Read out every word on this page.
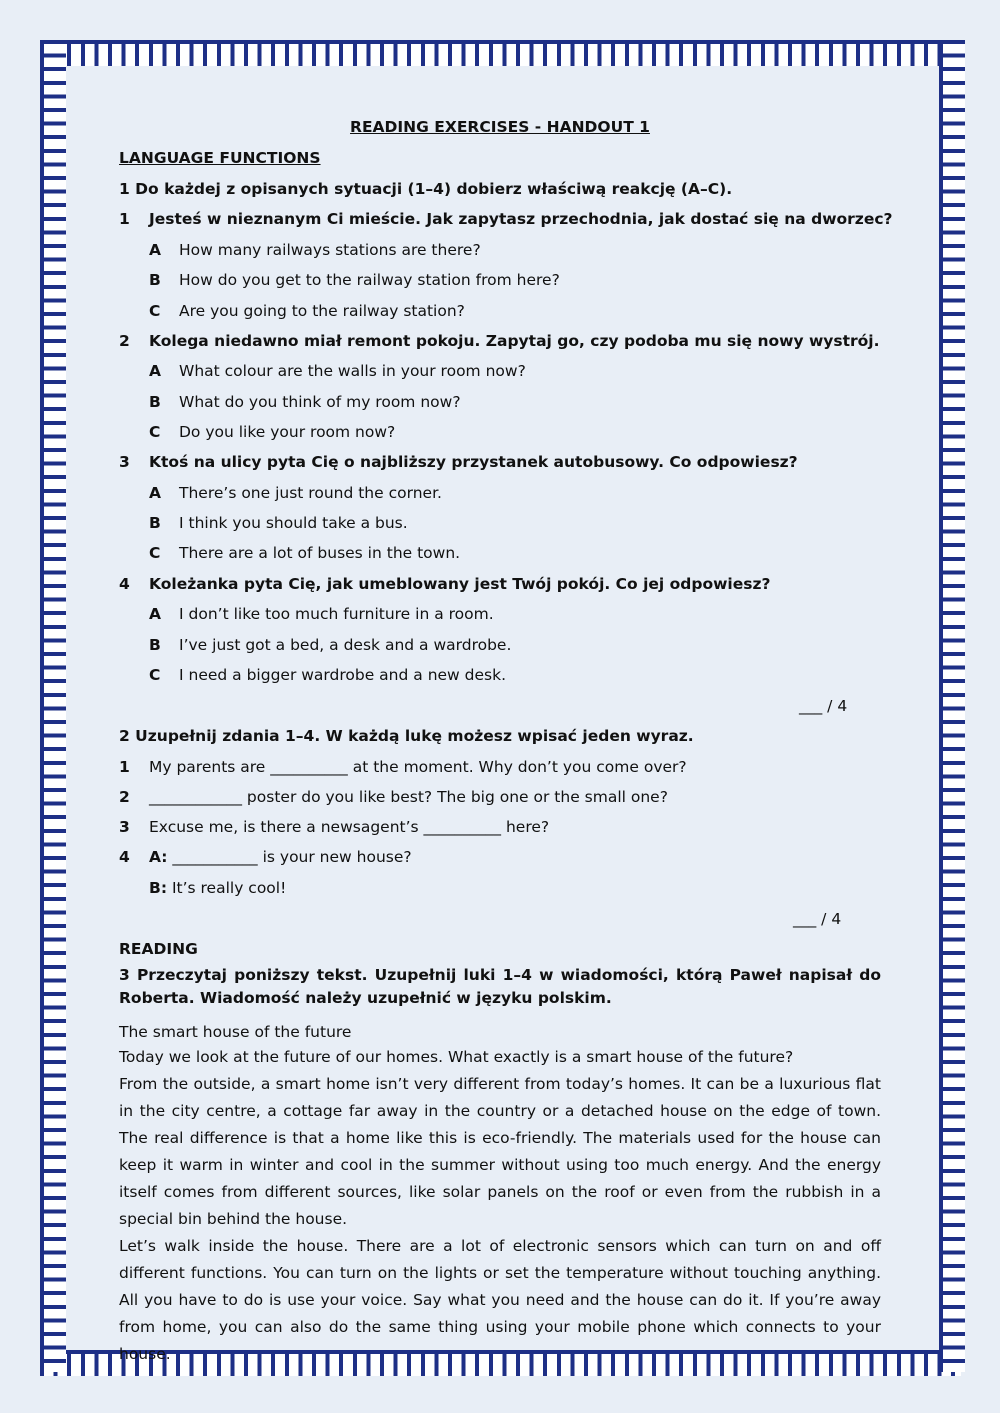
READING EXERCISES - HANDOUT 1
LANGUAGE FUNCTIONS
1 Do każdej z opisanych sytuacji (1–4) dobierz właściwą reakcję (A–C).
1 Jesteś w nieznanym Ci mieście. Jak zapytasz przechodnia, jak dostać się na dworzec?
A How many railways stations are there?
B How do you get to the railway station from here?
C Are you going to the railway station?
2 Kolega niedawno miał remont pokoju. Zapytaj go, czy podoba mu się nowy wystrój.
A What colour are the walls in your room now?
B What do you think of my room now?
C Do you like your room now?
3 Ktoś na ulicy pyta Cię o najbliższy przystanek autobusowy. Co odpowiesz?
A There’s one just round the corner.
B I think you should take a bus.
C There are a lot of buses in the town.
4 Koleżanka pyta Cię, jak umeblowany jest Twój pokój. Co jej odpowiesz?
A I don’t like too much furniture in a room.
B I’ve just got a bed, a desk and a wardrobe.
C I need a bigger wardrobe and a new desk.
___ / 4
2 Uzupełnij zdania 1–4. W każdą lukę możesz wpisać jeden wyraz.
1 My parents are __________ at the moment. Why don’t you come over?
2 ____________ poster do you like best? The big one or the small one?
3 Excuse me, is there a newsagent’s __________ here?
4 A: ___________ is your new house?
B: It’s really cool!
___ / 4
READING
3 Przeczytaj poniższy tekst. Uzupełnij luki 1–4 w wiadomości, którą Paweł napisał do Roberta. Wiadomość należy uzupełnić w języku polskim.
The smart house of the future
Today we look at the future of our homes. What exactly is a smart house of the future?
From the outside, a smart home isn’t very different from today’s homes. It can be a luxurious flat in the city centre, a cottage far away in the country or a detached house on the edge of town. The real difference is that a home like this is eco-friendly. The materials used for the house can keep it warm in winter and cool in the summer without using too much energy. And the energy itself comes from different sources, like solar panels on the roof or even from the rubbish in a special bin behind the house.
Let’s walk inside the house. There are a lot of electronic sensors which can turn on and off different functions. You can turn on the lights or set the temperature without touching anything. All you have to do is use your voice. Say what you need and the house can do it. If you’re away from home, you can also do the same thing using your mobile phone which connects to your house.
